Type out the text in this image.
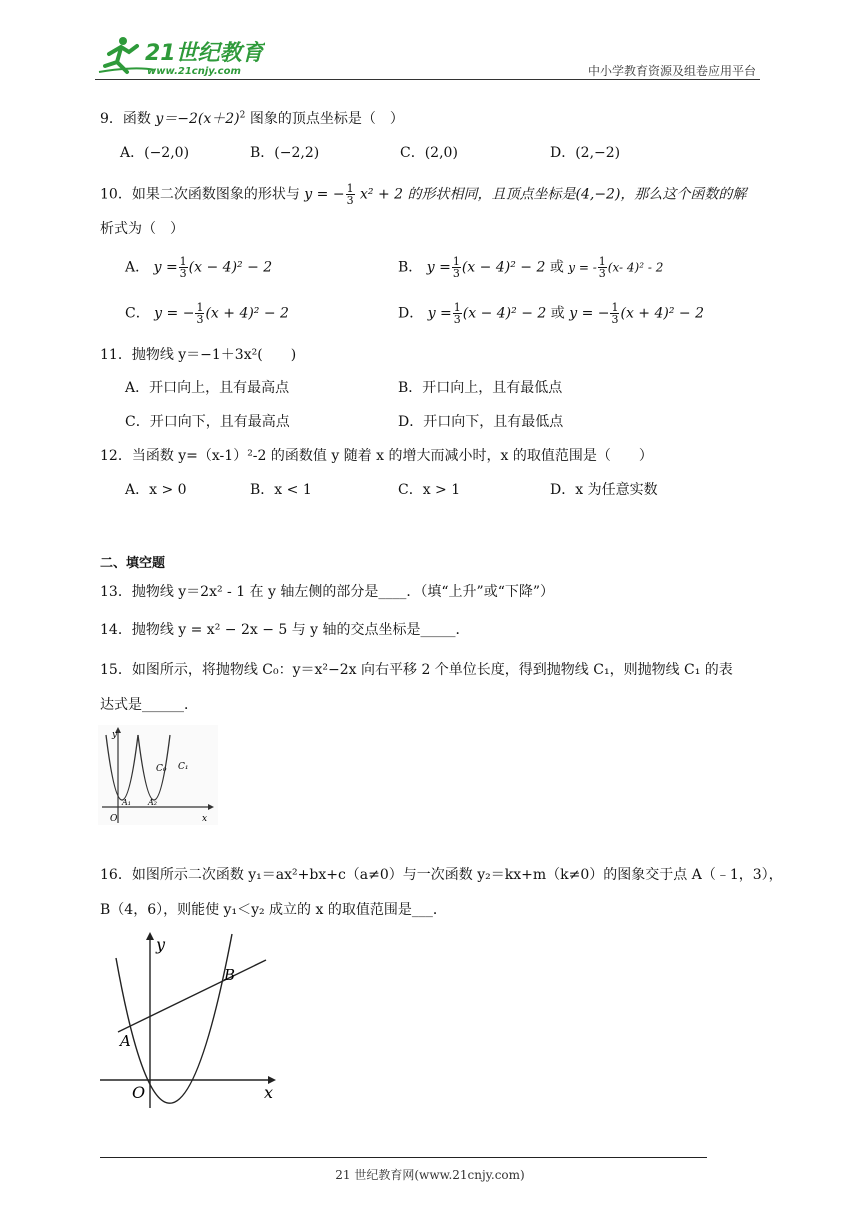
21世纪教育
www.21cnjy.com	中小学教育资源及组卷应用平台
9．函数 $y=-2(x+2)^2$ 图象的顶点坐标是（　）
A．(−2,0)	B．(−2,2)	C．(2,0)	D．(2,−2)
10．如果二次函数图象的形状与 y = − $\frac{1}{3} x^2 + 2$ 的形状相同，且顶点坐标是(4,−2)，那么这个函数的解
析式为（　）
A． $y = \frac{1}{3} (x - 4)^2 - 2$	B． $y = \frac{1}{3} (x - 4)^2 - 2$ 或 y = - $\frac{1}{3} (x-$ 4)² - 2
C． y = − $\frac{1}{3} (x + 4)^2 - 2$	D． $y = \frac{1}{3} (x - 4)^2 - 2$ 或 y = − $\frac{1}{3} (x + 4)^2 - 2$
11．抛物线 y＝−1＋3x²(　　)
A．开口向上，且有最高点	B．开口向上，且有最低点
C．开口向下，且有最高点	D．开口向下，且有最低点
12．当函数 y=（x-1）²-2 的函数值 y 随着 x 的增大而减小时，x 的取值范围是（　　）
A．x > 0	B．x < 1	C．x > 1	D．x 为任意实数
二、填空题
13．抛物线 y＝2x² - 1 在 y 轴左侧的部分是____．（填“上升”或“下降”）
14．抛物线 y = x² − 2x − 5 与 y 轴的交点坐标是_____．
15．如图所示，将抛物线 C₀：y＝x²−2x 向右平移 2 个单位长度，得到抛物线 C₁，则抛物线 C₁ 的表
达式是______．
y
x
O
C₀ C₁
A₁ A₂
16．如图所示二次函数 y₁＝ax²+bx+c（a≠0）与一次函数 y₂＝kx+m（k≠0）的图象交于点 A（﹣1，3），
B（4，6），则能使 y₁＜y₂ 成立的 x 的取值范围是___．
y
x
O
A
B
21 世纪教育网(www.21cnjy.com)
